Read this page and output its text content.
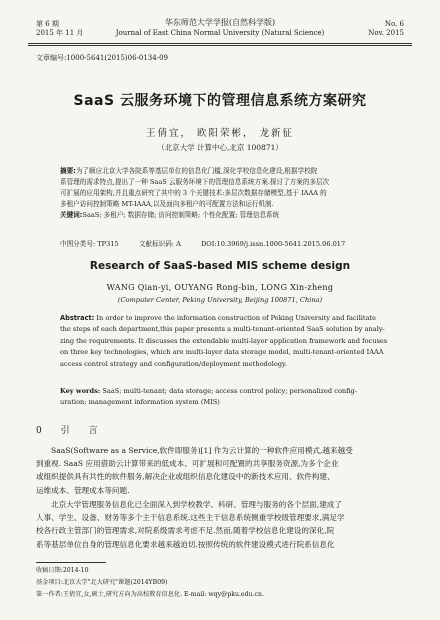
第 6 期
2015 年 11 月
华东师范大学学报(自然科学版)
Journal of East China Normal University (Natural Science)
No. 6
Nov. 2015
文章编号:1000-5641(2015)06-0134-09
SaaS 云服务环境下的管理信息系统方案研究
王倩宜， 欧阳荣彬， 龙新征
（北京大学 计算中心,北京 100871）
摘要:为了顺应北京大学各院系等基层单位的信息化门槛,深化学校信息化建设,根据学校院
系管理的需求特点,提出了一种 SaaS 云服务环境下的管理信息系统方案.探讨了方案的多层次
可扩展的应用架构,并且重点研究了其中的 3 个关键技术:多层次数据存储模型,基于 IAAA 的
多租户访问控制策略 MT-IAAA,以及面向多租户的可配置方法和运行机制.
关键词:SaaS; 多租户; 数据存储; 访问控制策略; 个性化配置; 管理信息系统
中图分类号: TP315	文献标识码: A	DOI:10.3969/j.issn.1000-5641.2015.06.017
Research of SaaS-based MIS scheme design
WANG Qian-yi, OUYANG Rong-bin, LONG Xin-zheng
(Computer Center, Peking University, Beijing 100871, China)
Abstract: In order to improve the information construction of Peking University and facilitate
the steps of each department,this paper presents a multi-tenant-oriented SaaS solution by analy-
zing the requirements. It discusses the extendable multi-layer application framework and focuses
on three key technologies, which are multi-layer data storage model, multi-tenant-oriented IAAA
access control strategy and configuration/deployment methodology.
Key words: SaaS; multi-tenant; data storage; access control policy; personalized config-
uration; management information system (MIS)
0 引 言
SaaS(Software as a Service,软件即服务)[1] 作为云计算的一种软件应用模式,越来越受
到重视. SaaS 应用借助云计算带来的低成本、可扩展和可配置的共享服务资源,为多个企业
或组织提供具有共性的软件服务,解决企业或组织信息化建设中的新技术应用、软件构建、
运维成本、管理成本等问题.
北京大学管理服务信息化已全面深入到学校教学、科研、管理与服务的各个层面,建成了
人事、学生、设备、财务等多个主干信息系统.这些主干信息系统侧重学校级管理要求,满足学
校各行政主管部门的管理需求,对院系级需求考虑不足.然而,随着学校信息化建设的深化,院
系等基层单位自身的管理信息化要求越来越迫切.按照传统的软件建设模式进行院系信息化
收稿日期:2014-10
基金项目:北京大学"北大研究"课题(2014YB09)
第一作者:王倩宜,女,硕士,研究方向为高校教育信息化. E-mail: wqy@pku.edu.cn.
